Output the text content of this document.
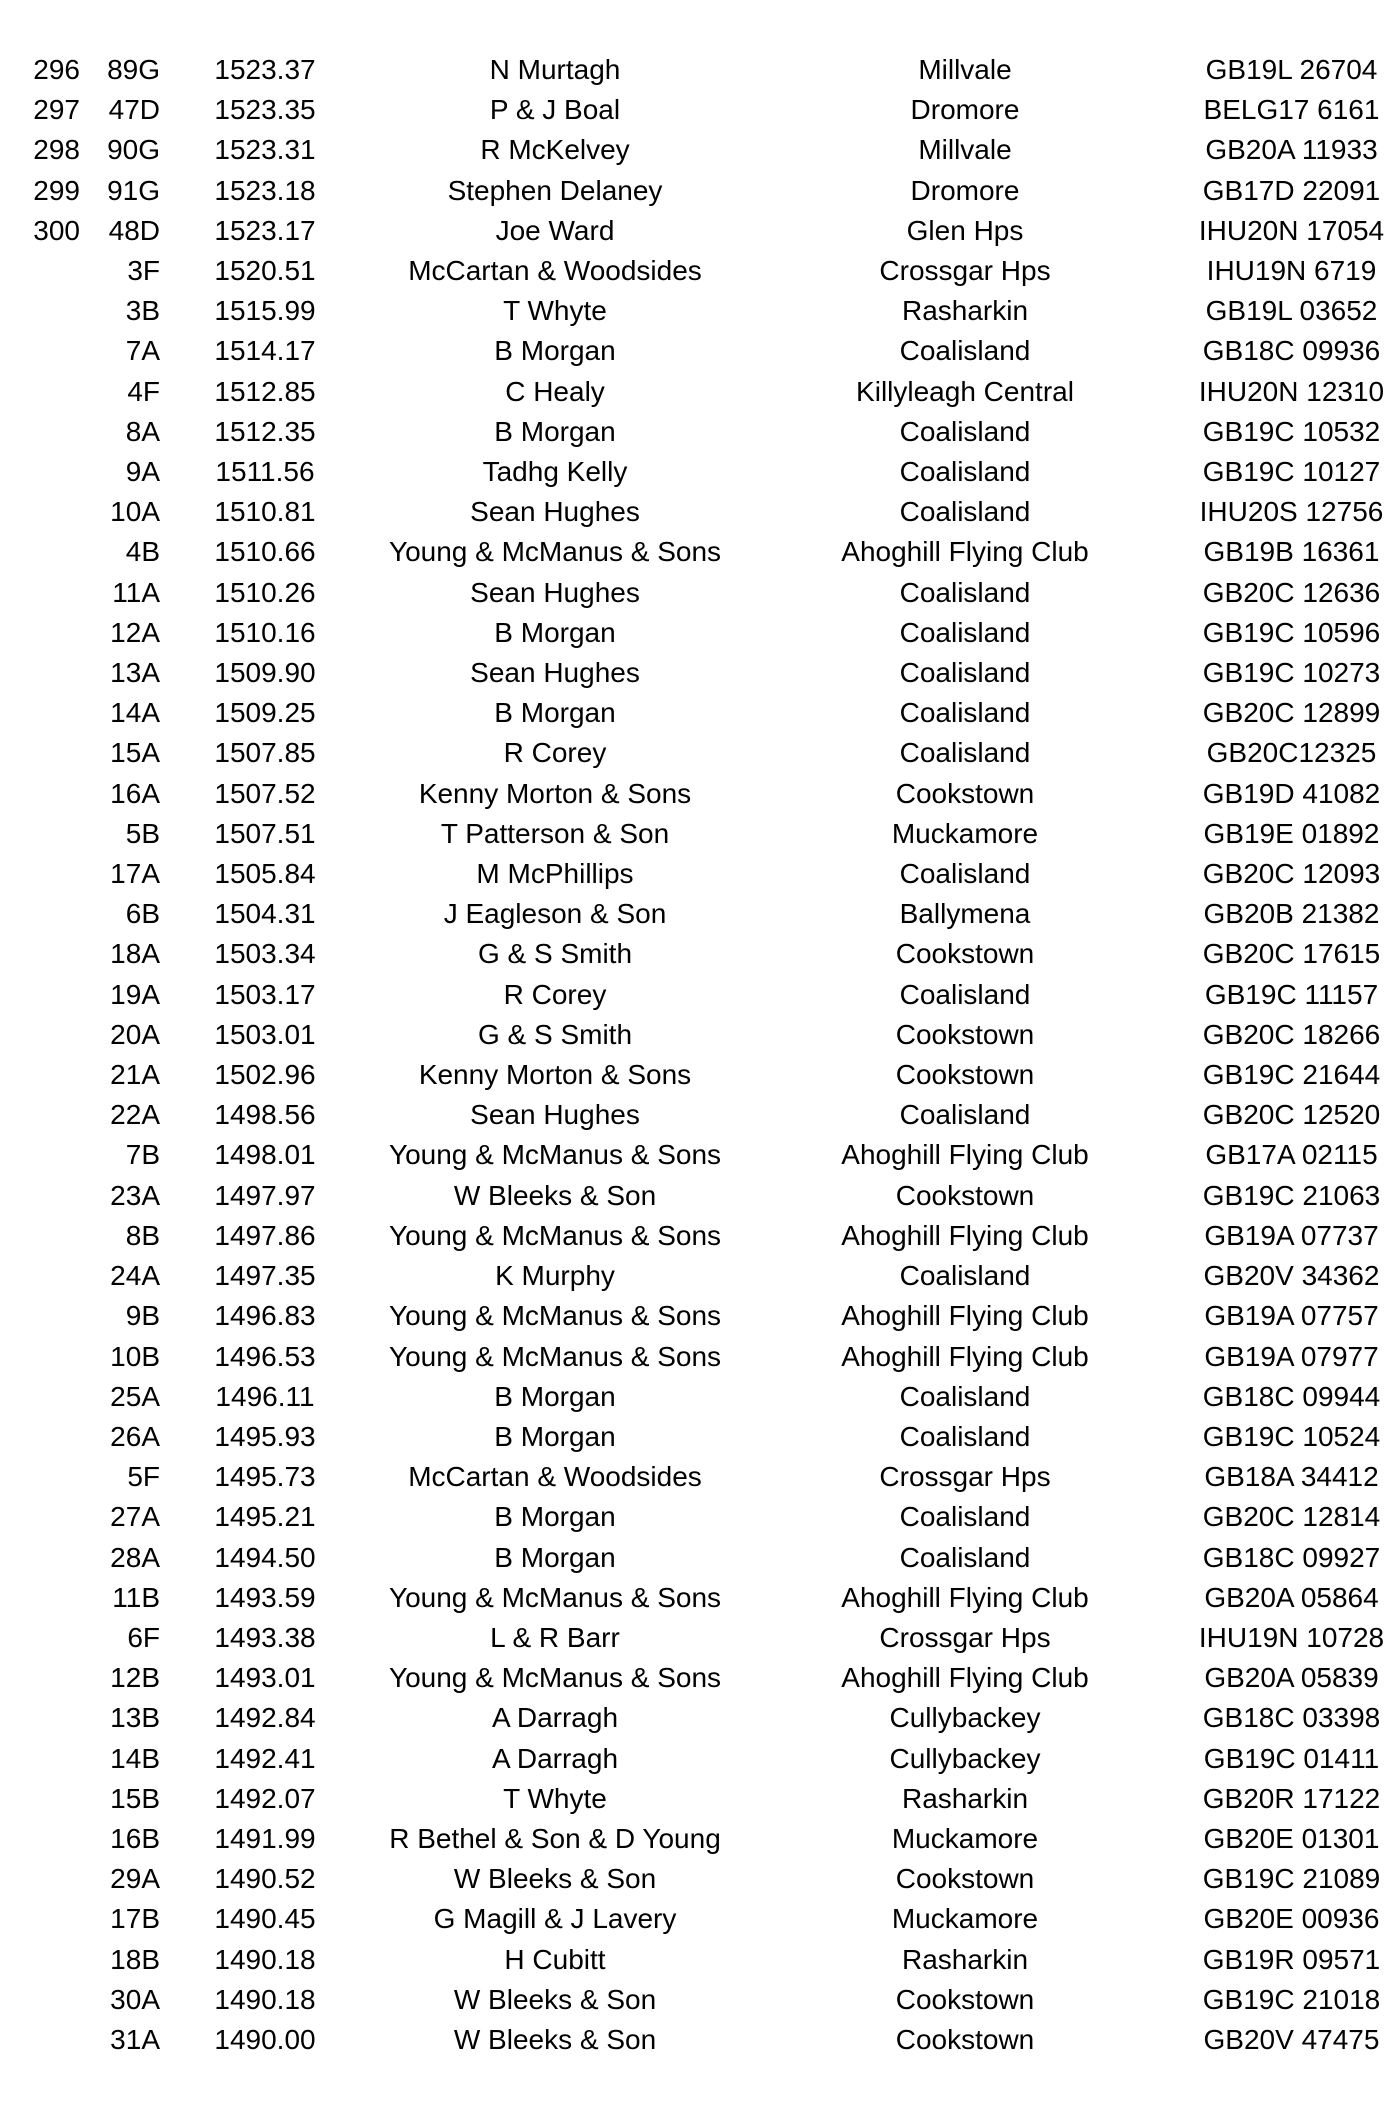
296	89G	1523.37	N Murtagh	Millvale	GB19L 26704
297	47D	1523.35	P & J Boal	Dromore	BELG17 6161
298	90G	1523.31	R McKelvey	Millvale	GB20A 11933
299	91G	1523.18	Stephen Delaney	Dromore	GB17D 22091
300	48D	1523.17	Joe Ward	Glen Hps	IHU20N 17054
	3F	1520.51	McCartan & Woodsides	Crossgar Hps	IHU19N 6719
	3B	1515.99	T Whyte	Rasharkin	GB19L 03652
	7A	1514.17	B Morgan	Coalisland	GB18C 09936
	4F	1512.85	C Healy	Killyleagh Central	IHU20N 12310
	8A	1512.35	B Morgan	Coalisland	GB19C 10532
	9A	1511.56	Tadhg Kelly	Coalisland	GB19C 10127
	10A	1510.81	Sean Hughes	Coalisland	IHU20S 12756
	4B	1510.66	Young & McManus & Sons	Ahoghill Flying Club	GB19B 16361
	11A	1510.26	Sean Hughes	Coalisland	GB20C 12636
	12A	1510.16	B Morgan	Coalisland	GB19C 10596
	13A	1509.90	Sean Hughes	Coalisland	GB19C 10273
	14A	1509.25	B Morgan	Coalisland	GB20C 12899
	15A	1507.85	R Corey	Coalisland	GB20C12325
	16A	1507.52	Kenny Morton & Sons	Cookstown	GB19D 41082
	5B	1507.51	T Patterson & Son	Muckamore	GB19E 01892
	17A	1505.84	M McPhillips	Coalisland	GB20C 12093
	6B	1504.31	J Eagleson & Son	Ballymena	GB20B 21382
	18A	1503.34	G & S Smith	Cookstown	GB20C 17615
	19A	1503.17	R Corey	Coalisland	GB19C 11157
	20A	1503.01	G & S Smith	Cookstown	GB20C 18266
	21A	1502.96	Kenny Morton & Sons	Cookstown	GB19C 21644
	22A	1498.56	Sean Hughes	Coalisland	GB20C 12520
	7B	1498.01	Young & McManus & Sons	Ahoghill Flying Club	GB17A 02115
	23A	1497.97	W Bleeks & Son	Cookstown	GB19C 21063
	8B	1497.86	Young & McManus & Sons	Ahoghill Flying Club	GB19A 07737
	24A	1497.35	K Murphy	Coalisland	GB20V 34362
	9B	1496.83	Young & McManus & Sons	Ahoghill Flying Club	GB19A 07757
	10B	1496.53	Young & McManus & Sons	Ahoghill Flying Club	GB19A 07977
	25A	1496.11	B Morgan	Coalisland	GB18C 09944
	26A	1495.93	B Morgan	Coalisland	GB19C 10524
	5F	1495.73	McCartan & Woodsides	Crossgar Hps	GB18A 34412
	27A	1495.21	B Morgan	Coalisland	GB20C 12814
	28A	1494.50	B Morgan	Coalisland	GB18C 09927
	11B	1493.59	Young & McManus & Sons	Ahoghill Flying Club	GB20A 05864
	6F	1493.38	L & R Barr	Crossgar Hps	IHU19N 10728
	12B	1493.01	Young & McManus & Sons	Ahoghill Flying Club	GB20A 05839
	13B	1492.84	A Darragh	Cullybackey	GB18C 03398
	14B	1492.41	A Darragh	Cullybackey	GB19C 01411
	15B	1492.07	T Whyte	Rasharkin	GB20R 17122
	16B	1491.99	R Bethel & Son & D Young	Muckamore	GB20E 01301
	29A	1490.52	W Bleeks & Son	Cookstown	GB19C 21089
	17B	1490.45	G Magill & J Lavery	Muckamore	GB20E 00936
	18B	1490.18	H Cubitt	Rasharkin	GB19R 09571
	30A	1490.18	W Bleeks & Son	Cookstown	GB19C 21018
	31A	1490.00	W Bleeks & Son	Cookstown	GB20V 47475
